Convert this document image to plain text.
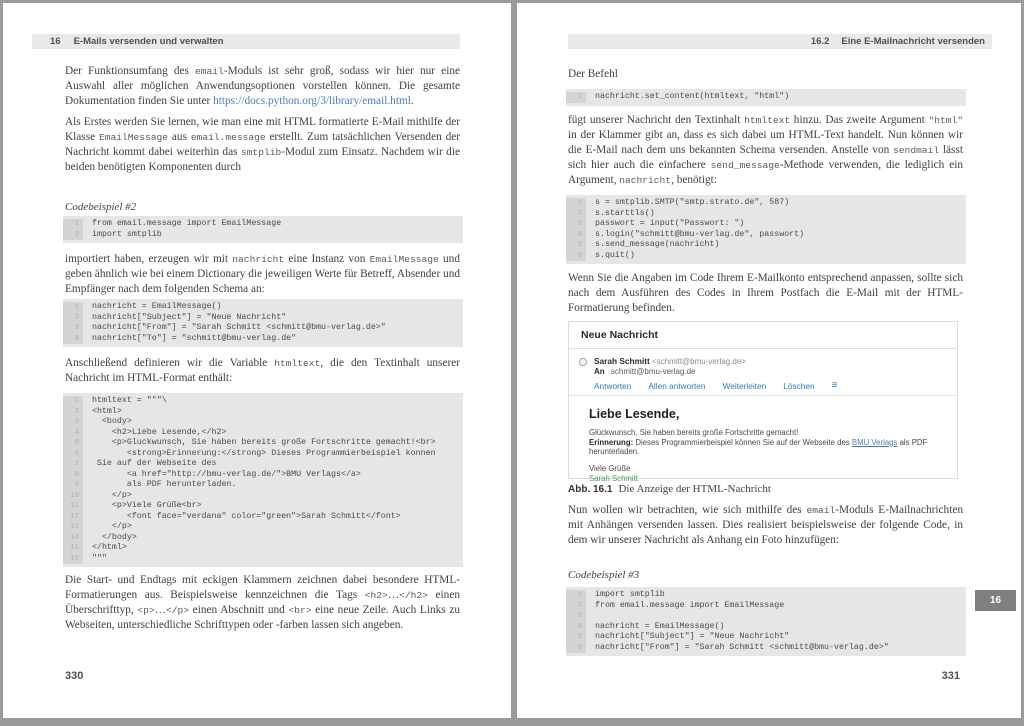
16 E-Mails versenden und verwalten

Der Funktionsumfang des email-Moduls ist sehr groß, sodass wir hier nur eine Auswahl aller möglichen Anwendungsoptionen vorstellen können. Die gesamte Dokumentation finden Sie unter https://docs.python.org/3/library/email.html.

Als Erstes werden Sie lernen, wie man eine mit HTML formatierte E-Mail mithilfe der Klasse EmailMessage aus email.message erstellt. Zum tatsächlichen Versenden der Nachricht kommt dabei weiterhin das smtplib-Modul zum Einsatz. Nachdem wir die beiden benötigten Komponenten durch

Codebeispiel #2
1	from email.message import EmailMessage
2	import smtplib

importiert haben, erzeugen wir mit nachricht eine Instanz von EmailMessage und geben ähnlich wie bei einem Dictionary die jeweiligen Werte für Betreff, Absender und Empfänger nach dem folgenden Schema an:

1	nachricht = EmailMessage()
2	nachricht["Subject"] = "Neue Nachricht"
3	nachricht["From"] = "Sarah Schmitt <schmitt@bmu-verlag.de>"
4	nachricht["To"] = "schmitt@bmu-verlag.de"

Anschließend definieren wir die Variable htmltext, die den Textinhalt unserer Nachricht im HTML-Format enthält:

1	htmltext = """\
2	<html>
3	<body>
4	<h2>Liebe Lesende,</h2>
5	<p>Gluckwunsch, Sie haben bereits große Fortschritte gemacht!<br>
6	<strong>Erinnerung:</strong> Dieses Programmierbeispiel konnen
7	Sie auf der Webseite des
8	<a href="http://bmu-verlag.de/">BMU Verlags</a>
9	als PDF herunterladen.
10	</p>
11	<p>Viele Grüße<br>
12	<font face="verdana" color="green">Sarah Schmitt</font>
13	</p>
14	</body>
15	</html>
16	"""

Die Start- und Endtags mit eckigen Klammern zeichnen dabei besondere HTML-Formatierungen aus. Beispielsweise kennzeichnen die Tags <h2>…</h2> einen Überschrifttyp, <p>…</p> einen Abschnitt und <br> eine neue Zeile. Auch Links zu Webseiten, unterschiedliche Schrifttypen oder -farben lassen sich angeben.

330
16.2 Eine E-Mailnachricht versenden

Der Befehl

1	nachricht.set_content(htmltext, "html")

fügt unserer Nachricht den Textinhalt htmltext hinzu. Das zweite Argument "html" in der Klammer gibt an, dass es sich dabei um HTML-Text handelt. Nun können wir die E-Mail nach dem uns bekannten Schema versenden. Anstelle von sendmail lässt sich hier auch die einfachere send_message-Methode verwenden, die lediglich ein Argument, nachricht, benötigt:

1	s = smtplib.SMTP("smtp.strato.de", 587)
2	s.starttls()
3	passwort = input("Passwort: ")
4	s.login("schmitt@bmu-verlag.de", passwort)
5	s.send_message(nachricht)
6	s.quit()

Wenn Sie die Angaben im Code Ihrem E-Mailkonto entsprechend anpassen, sollte sich nach dem Ausführen des Codes in Ihrem Postfach die E-Mail mit der HTML-Formatierung befinden.

Neue Nachricht
Sarah Schmitt <schmitt@bmu-verlag.de>
An schmitt@bmu-verlag.de
Antworten Allen antworten Weiterleiten Löschen ≡
Liebe Lesende,
Glückwunsch, Sie haben bereits große Fortschritte gemacht!
Erinnerung: Dieses Programmierbeispiel können Sie auf der Webseite des BMU Verlags als PDF herunterladen.
Viele Grüße
Sarah Schmitt
Abb. 16.1 Die Anzeige der HTML-Nachricht

Nun wollen wir betrachten, wie sich mithilfe des email-Moduls E-Mailnachrichten mit Anhängen versenden lassen. Dies realisiert beispielsweise der folgende Code, in dem wir unserer Nachricht als Anhang ein Foto hinzufügen:

Codebeispiel #3
1	import smtplib
2	from email.message import EmailMessage
3
4	nachricht = EmailMessage()
5	nachricht["Subject"] = "Neue Nachricht"
6	nachricht["From"] = "Sarah Schmitt <schmitt@bmu-verlag.de>"
16
331
